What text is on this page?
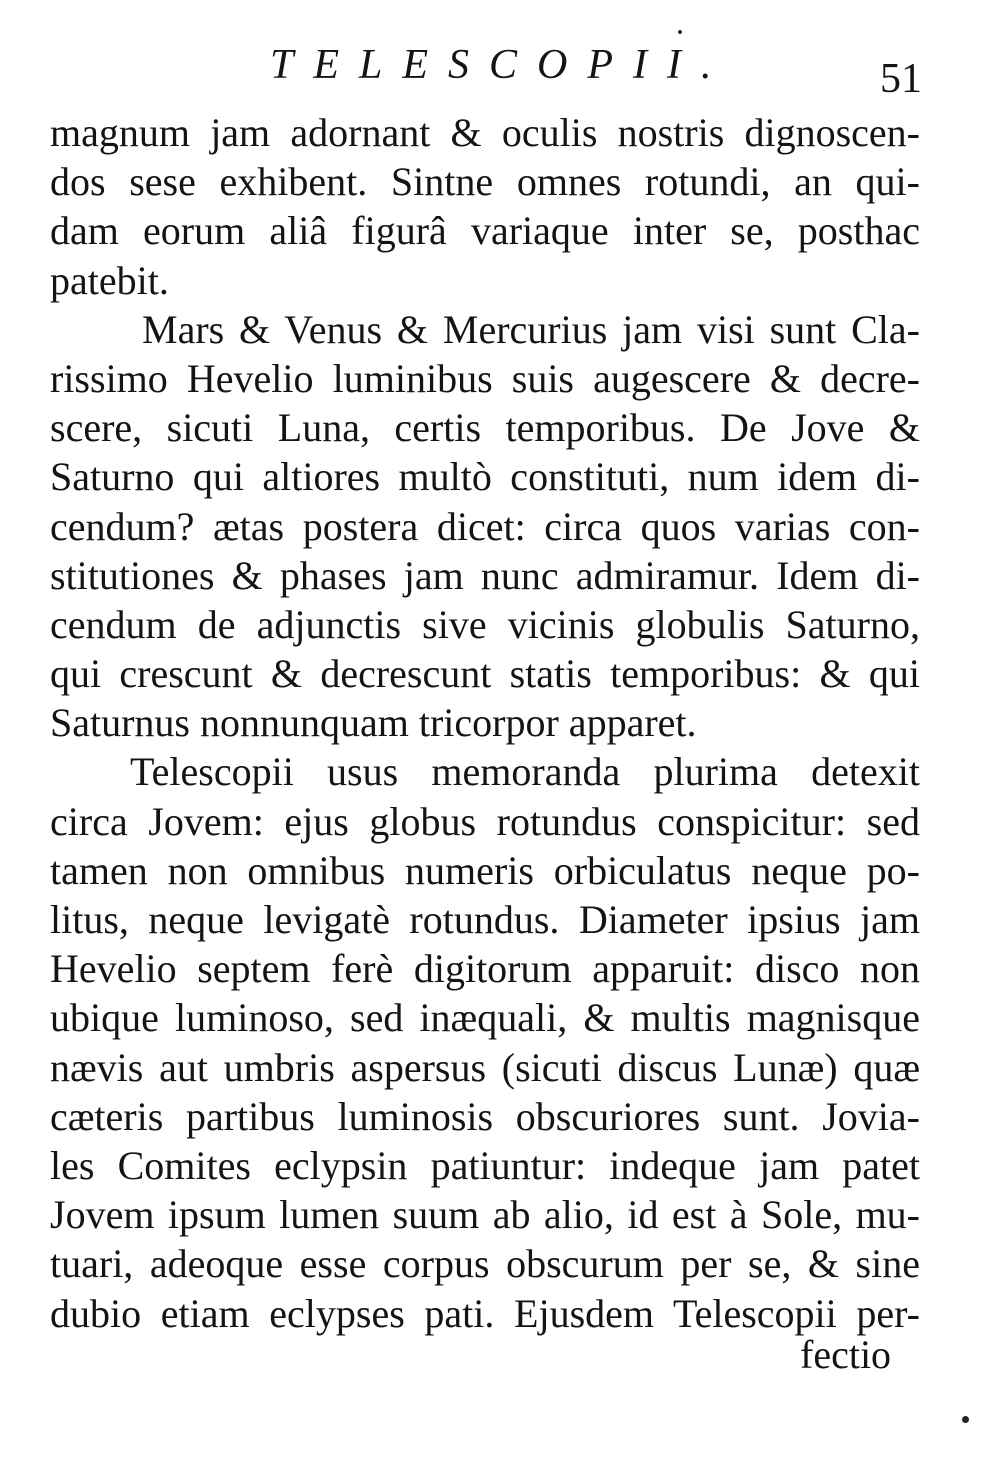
TELESCOPII.	51
magnum jam adornant & oculis nostris dignoscen-
dos sese exhibent. Sintne omnes rotundi, an qui-
dam eorum aliâ figurâ variaque inter se, posthac
patebit.
Mars & Venus & Mercurius jam visi sunt Cla-
rissimo Hevelio luminibus suis augescere & decre-
scere, sicuti Luna, certis temporibus. De Jove &
Saturno qui altiores multò constituti, num idem di-
cendum? ætas postera dicet: circa quos varias con-
stitutiones & phases jam nunc admiramur. Idem di-
cendum de adjunctis sive vicinis globulis Saturno,
qui crescunt & decrescunt statis temporibus: & qui
Saturnus nonnunquam tricorpor apparet.
Telescopii usus memoranda plurima detexit
circa Jovem: ejus globus rotundus conspicitur: sed
tamen non omnibus numeris orbiculatus neque po-
litus, neque levigatè rotundus. Diameter ipsius jam
Hevelio septem ferè digitorum apparuit: disco non
ubique luminoso, sed inæquali, & multis magnisque
nævis aut umbris aspersus (sicuti discus Lunæ) quæ
cæteris partibus luminosis obscuriores sunt. Jovia-
les Comites eclypsin patiuntur: indeque jam patet
Jovem ipsum lumen suum ab alio, id est à Sole, mu-
tuari, adeoque esse corpus obscurum per se, & sine
dubio etiam eclypses pati. Ejusdem Telescopii per-
fectio
